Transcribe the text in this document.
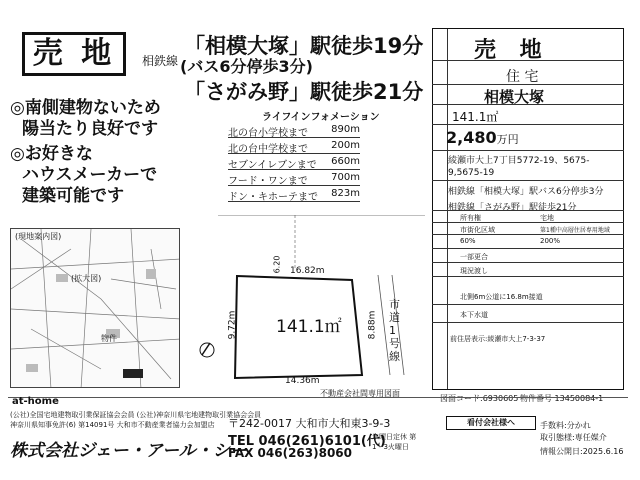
売 地	相鉄線
「相模大塚」駅徒歩19分
(バス6分停歩3分)
「さがみ野」駅徒歩21分
◎南側建物ないため
陽当たり良好です
◎お好きな
ハウスメーカーで
建築可能です
ライフインフォメーション
北の台小学校まで 890m
北の台中学校まで 200m
セブンイレブンまで 660m
フード・ワンまで 700m
ドン・キホーテまで 823m
(現地案内図)
物件
(拡大図)
6.20 16.82m
9.72m	8.88m
14.36m
141.1㎡
市道1号線
不動産会社間専用図面
売 地
住 宅
相模大塚
141.1㎡
2,480万円
綾瀬市大上7丁目5772-19、5675-9,5675-19
相鉄線「相模大塚」駅バス6分停歩3分
相鉄線「さがみ野」駅徒歩21分
所有権	宅地
市街化区域	第1種中高層住居専用地域
60%	200%
一部更合
現況渡し
北側6m公道に16.8m接道
本下水道
前住居表示:綾瀬市大上7-3-37
図面コード:6930605 物件番号 13450084-1
at-home
(公社)全国宅地建物取引業保証協会会員 (公社)神奈川県宅地建物取引業協会会員
神奈川県知事免許(6) 第14091号 大和市不動産業者協力会加盟店
株式会社ジェー・アール・シー
〒242-0017 大和市大和東3-9-3
TEL 046(261)6101(代)
FAX 046(263)8060
水曜日定休 第1・3火曜日
看付会社様へ	手数料:分かれ
取引態様:専任媒介
情報公開日:2025.6.16
